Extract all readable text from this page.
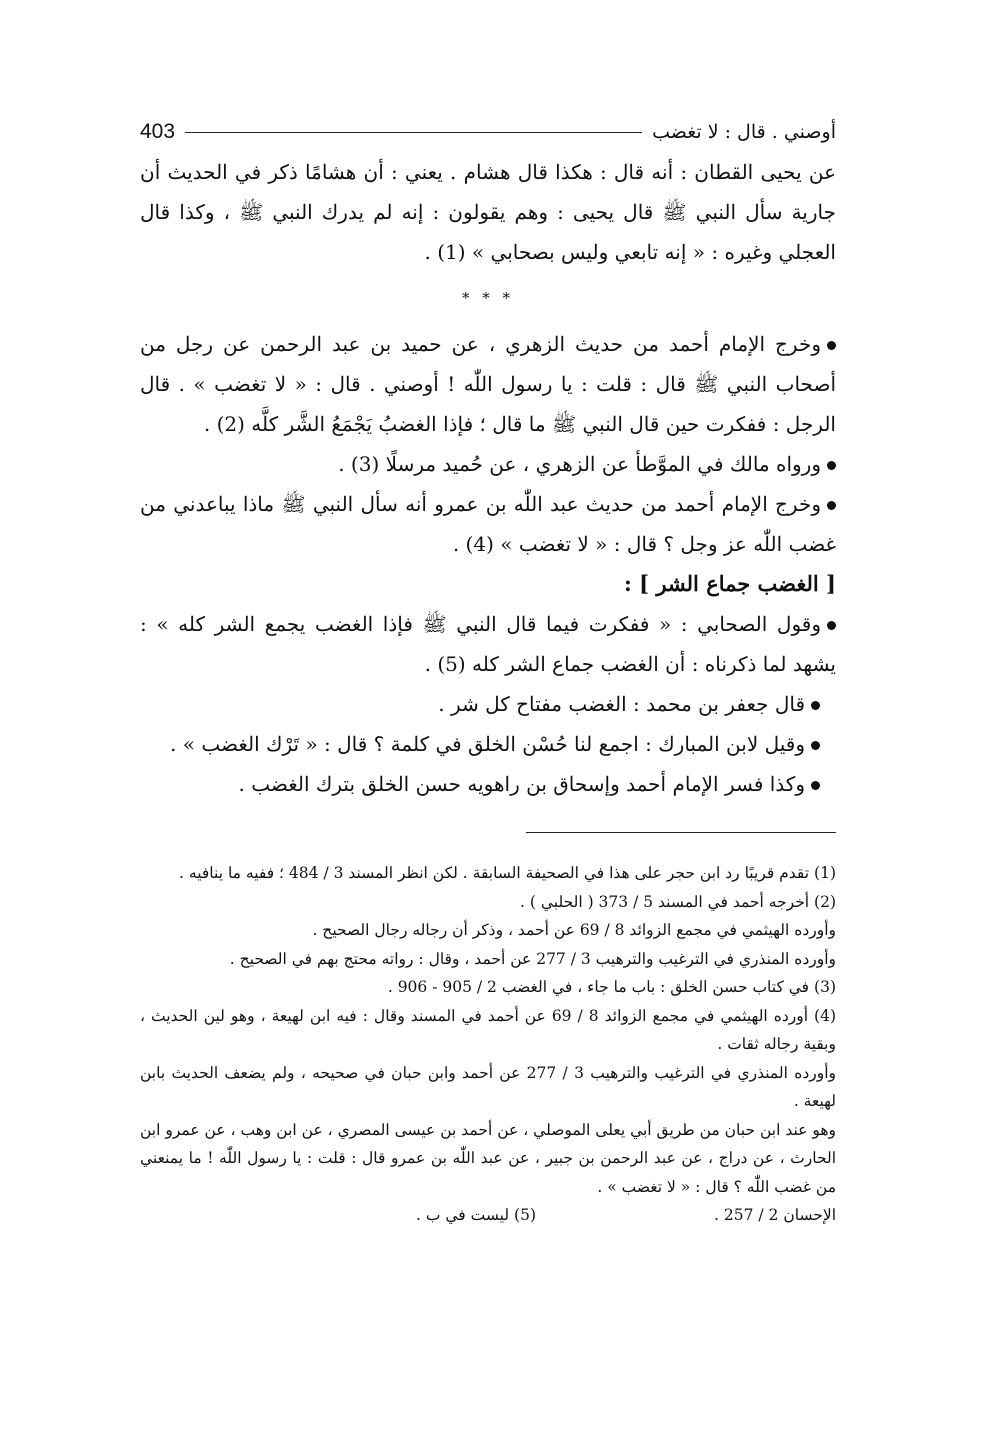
أوصني . قال : لا تغضب
403

عن يحيى القطان : أنه قال : هكذا قال هشام . يعني : أن هشامًا ذكر في الحديث أن جارية سأل النبي ﷺ قال يحيى : وهم يقولون : إنه لم يدرك النبي ﷺ ، وكذا قال العجلي وغيره : « إنه تابعي وليس بصحابي » (1) .

* * *

وخرج الإمام أحمد من حديث الزهري ، عن حميد بن عبد الرحمن عن رجل من أصحاب النبي ﷺ قال : قلت : يا رسول اللّٰه ! أوصني . قال : « لا تغضب » . قال الرجل : ففكرت حين قال النبي ﷺ ما قال ؛ فإذا الغضبُ يَجْمَعُ الشَّر كلَّه (2) .

ورواه مالك في الموَّطأ عن الزهري ، عن حُميد مرسلًا (3) .

وخرج الإمام أحمد من حديث عبد اللّٰه بن عمرو أنه سأل النبي ﷺ ماذا يباعدني من غضب اللّٰه عز وجل ؟ قال : « لا تغضب » (4) .

[ الغضب جماع الشر ] :

وقول الصحابي : « ففكرت فيما قال النبي ﷺ فإذا الغضب يجمع الشر كله » : يشهد لما ذكرناه : أن الغضب جماع الشر كله (5) .

قال جعفر بن محمد : الغضب مفتاح كل شر .

وقيل لابن المبارك : اجمع لنا حُسْن الخلق في كلمة ؟ قال : « تَرْك الغضب » .

وكذا فسر الإمام أحمد وإسحاق بن راهويه حسن الخلق بترك الغضب .

(1) تقدم قريبًا رد ابن حجر على هذا في الصحيفة السابقة . لكن انظر المسند 3 / 484 ؛ ففيه ما ينافيه .

(2) أخرجه أحمد في المسند 5 / 373 ( الحلبي ) .

وأورده الهيثمي في مجمع الزوائد 8 / 69 عن أحمد ، وذكر أن رجاله رجال الصحيح .

وأورده المنذري في الترغيب والترهيب 3 / 277 عن أحمد ، وقال : رواته محتج بهم في الصحيح .

(3) في كتاب حسن الخلق : باب ما جاء ، في الغضب 2 / 905 - 906 .

(4) أورده الهيثمي في مجمع الزوائد 8 / 69 عن أحمد في المسند وقال : فيه ابن لهيعة ، وهو لين الحديث ، وبقية رجاله ثقات .

وأورده المنذري في الترغيب والترهيب 3 / 277 عن أحمد وابن حبان في صحيحه ، ولم يضعف الحديث بابن لهيعة .

وهو عند ابن حبان من طريق أبي يعلى الموصلي ، عن أحمد بن عيسى المصري ، عن ابن وهب ، عن عمرو ابن الحارث ، عن دراج ، عن عبد الرحمن بن جبير ، عن عبد اللّٰه بن عمرو قال : قلت : يا رسول اللّٰه ! ما يمنعني من غضب اللّٰه ؟ قال : « لا تغضب » .

الإحسان 2 / 257 .
(5) ليست في ب .
